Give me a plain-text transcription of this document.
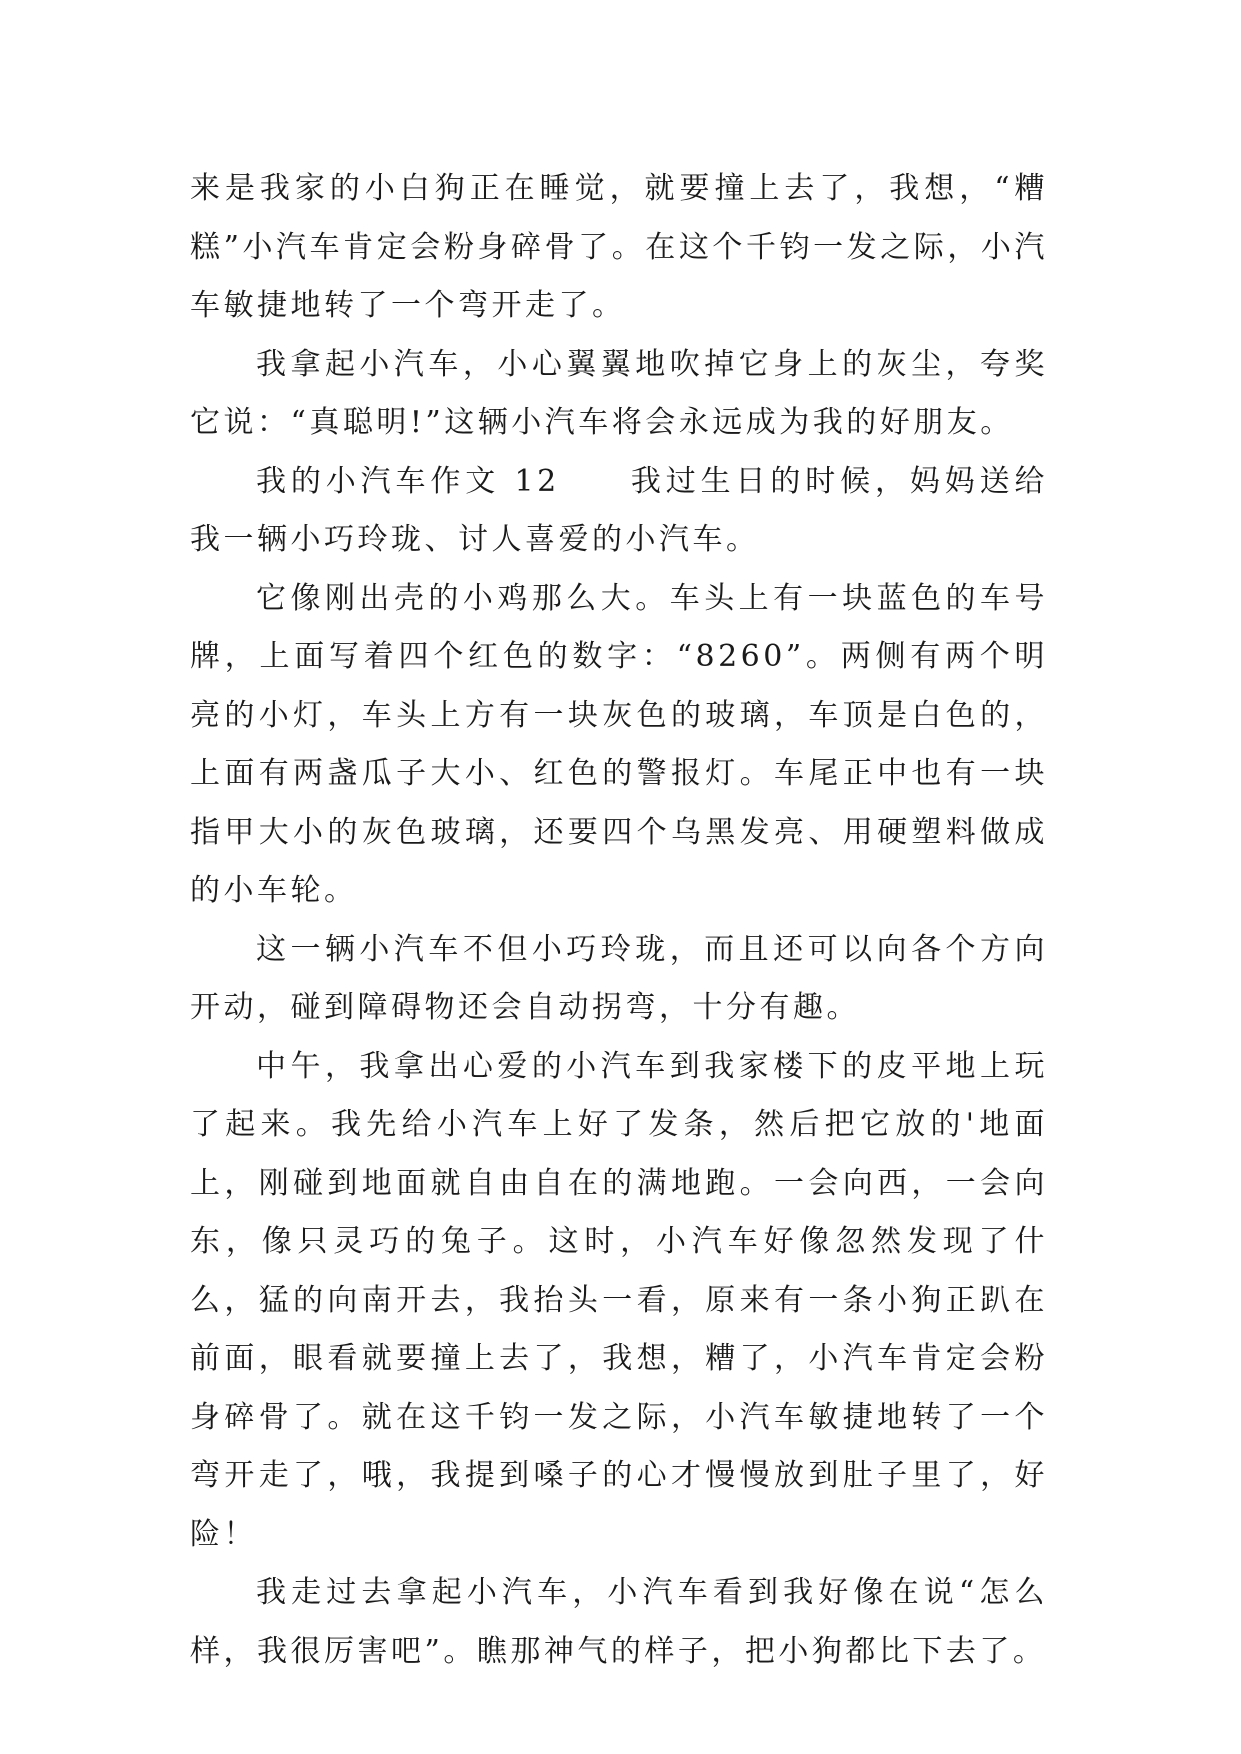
来是我家的小白狗正在睡觉，就要撞上去了，我想，“糟糕”小汽车肯定会粉身碎骨了。在这个千钧一发之际，小汽车敏捷地转了一个弯开走了。

我拿起小汽车，小心翼翼地吹掉它身上的灰尘，夸奖它说：“真聪明!”这辆小汽车将会永远成为我的好朋友。

我的小汽车作文 12　　我过生日的时候，妈妈送给我一辆小巧玲珑、讨人喜爱的小汽车。

它像刚出壳的小鸡那么大。车头上有一块蓝色的车号牌，上面写着四个红色的数字：“8260”。两侧有两个明亮的小灯，车头上方有一块灰色的玻璃，车顶是白色的，上面有两盏瓜子大小、红色的警报灯。车尾正中也有一块指甲大小的灰色玻璃，还要四个乌黑发亮、用硬塑料做成的小车轮。

这一辆小汽车不但小巧玲珑，而且还可以向各个方向开动，碰到障碍物还会自动拐弯，十分有趣。

中午，我拿出心爱的小汽车到我家楼下的皮平地上玩了起来。我先给小汽车上好了发条，然后把它放的'地面上，刚碰到地面就自由自在的满地跑。一会向西，一会向东，像只灵巧的兔子。这时，小汽车好像忽然发现了什么，猛的向南开去，我抬头一看，原来有一条小狗正趴在前面，眼看就要撞上去了，我想，糟了，小汽车肯定会粉身碎骨了。就在这千钧一发之际，小汽车敏捷地转了一个弯开走了，哦，我提到嗓子的心才慢慢放到肚子里了，好险！

我走过去拿起小汽车，小汽车看到我好像在说“怎么样，我很厉害吧”。瞧那神气的样子，把小狗都比下去了。
